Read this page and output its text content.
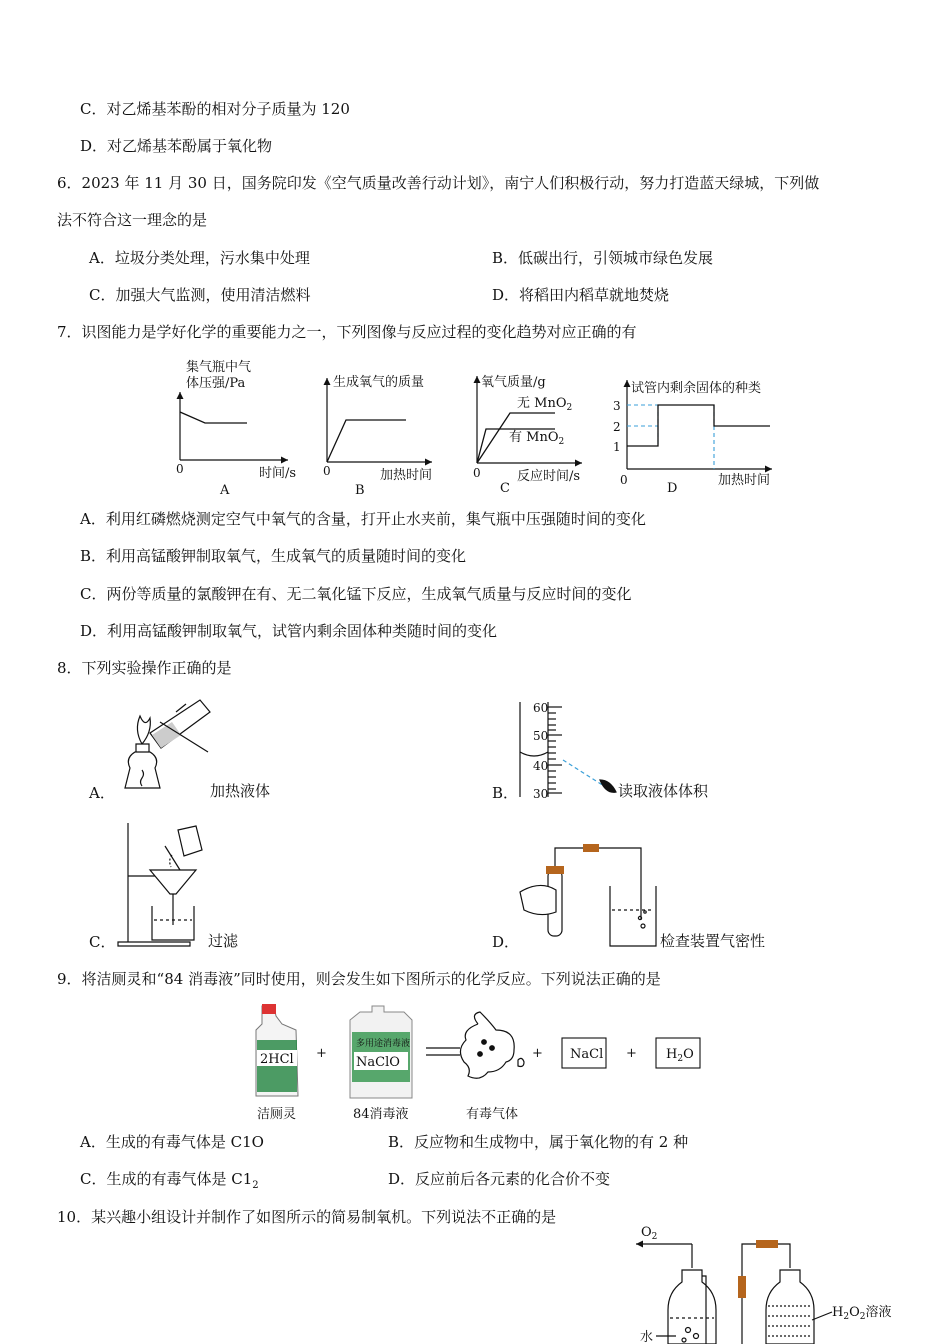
C．对乙烯基苯酚的相对分子质量为 120
D．对乙烯基苯酚属于氧化物
6．2023 年 11 月 30 日，国务院印发《空气质量改善行动计划》，南宁人们积极行动，努力打造蓝天绿城，下列做
法不符合这一理念的是
A．垃圾分类处理，污水集中处理	B．低碳出行，引领城市绿色发展
C．加强大气监测，使用清洁燃料	D．将稻田内稻草就地焚烧
7．识图能力是学好化学的重要能力之一，下列图像与反应过程的变化趋势对应正确的有
集气瓶中气
体压强/Pa
0	时间/s
A
生成氧气的质量
0	加热时间
B
氧气质量/g
无 MnO$_2$
有 MnO$_2$
0	反应时间/s
C
试管内剩余固体的种类
3
2
1
0	加热时间
D
A．利用红磷燃烧测定空气中氧气的含量，打开止水夹前，集气瓶中压强随时间的变化
B．利用高锰酸钾制取氧气，生成氧气的质量随时间的变化
C．两份等质量的氯酸钾在有、无二氧化锰下反应，生成氧气质量与反应时间的变化
D．利用高锰酸钾制取氧气，试管内剩余固体种类随时间的变化
8．下列实验操作正确的是
60
50
40
30
A．	加热液体	B．	读取液体体积
C．	过滤	D．	检查装置气密性
9．将洁厕灵和“84 消毒液”同时使用，则会发生如下图所示的化学反应。下列说法正确的是
2HCl
洁厕灵
+
多用途消毒液
NaClO
84消毒液	有毒气体
+ NaCl + $H_2O$
A．生成的有毒气体是 C1O	B．反应物和生成物中，属于氧化物的有 2 种
C．生成的有毒气体是 $C1_2$	D．反应前后各元素的化合价不变
10．某兴趣小组设计并制作了如图所示的简易制氧机。下列说法不正确的是
$O_2$
$H_2O_2$溶液
水
